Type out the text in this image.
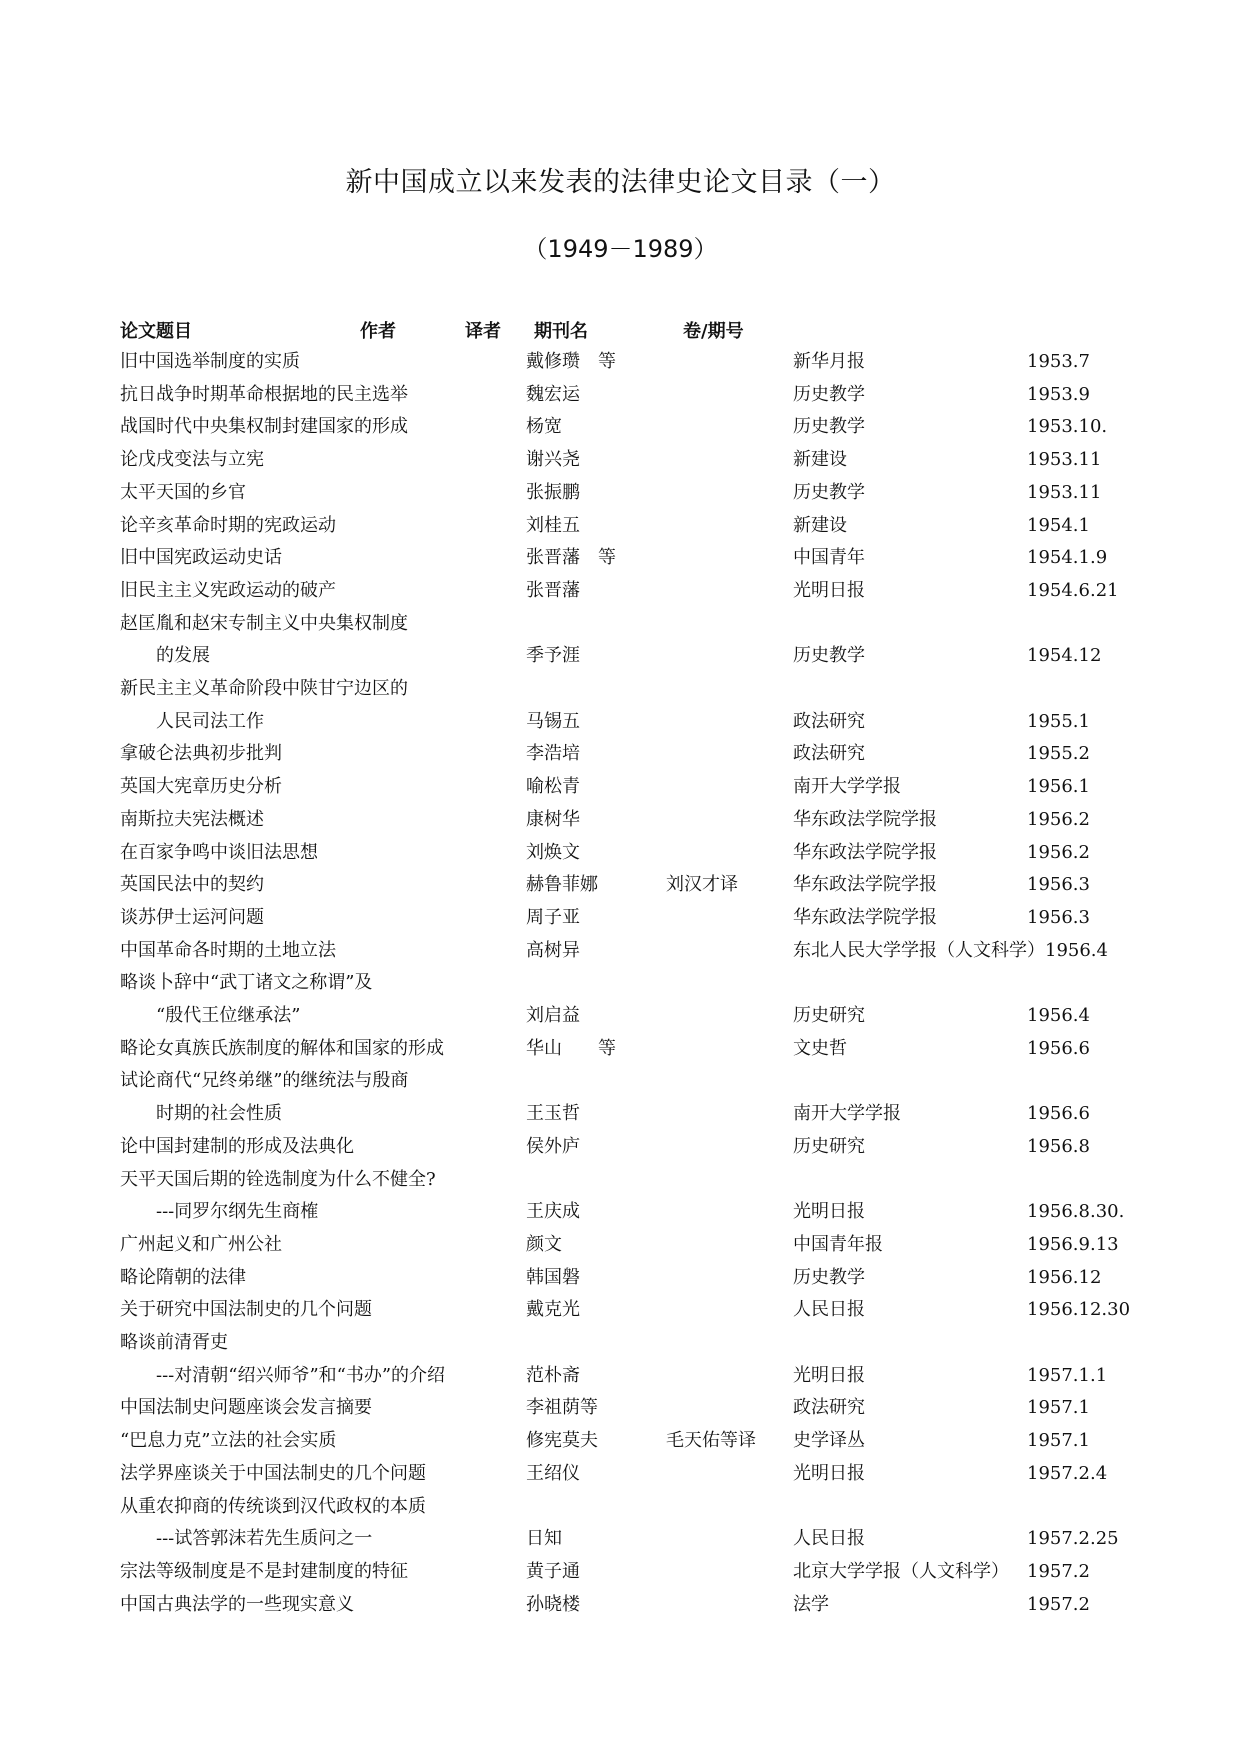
新中国成立以来发表的法律史论文目录（一）
（1949－1989）
论文题目	作者	译者 期刊名	卷/期号
旧中国选举制度的实质	戴修瓒　等	新华月报	1953.7
抗日战争时期革命根据地的民主选举	魏宏运	历史教学	1953.9
战国时代中央集权制封建国家的形成	杨宽	历史教学	1953.10.
论戊戌变法与立宪	谢兴尧	新建设	1953.11
太平天国的乡官	张振鹏	历史教学	1953.11
论辛亥革命时期的宪政运动	刘桂五	新建设	1954.1
旧中国宪政运动史话	张晋藩　等	中国青年	1954.1.9
旧民主主义宪政运动的破产	张晋藩	光明日报	1954.6.21
赵匡胤和赵宋专制主义中央集权制度
的发展	季予涯	历史教学	1954.12
新民主主义革命阶段中陕甘宁边区的
人民司法工作	马锡五	政法研究	1955.1
拿破仑法典初步批判	李浩培	政法研究	1955.2
英国大宪章历史分析	喻松青	南开大学学报	1956.1
南斯拉夫宪法概述	康树华	华东政法学院学报	1956.2
在百家争鸣中谈旧法思想	刘焕文	华东政法学院学报	1956.2
英国民法中的契约	赫鲁菲娜	刘汉才译	华东政法学院学报	1956.3
谈苏伊士运河问题	周子亚	华东政法学院学报	1956.3
中国革命各时期的土地立法	高树异	东北人民大学学报（人文科学）1956.4
略谈卜辞中“武丁诸文之称谓”及
“殷代王位继承法”	刘启益	历史研究	1956.4
略论女真族氏族制度的解体和国家的形成	华山　　等	文史哲	1956.6
试论商代“兄终弟继”的继统法与殷商
时期的社会性质	王玉哲	南开大学学报	1956.6
论中国封建制的形成及法典化	侯外庐	历史研究	1956.8
天平天国后期的铨选制度为什么不健全?
---同罗尔纲先生商榷	王庆成	光明日报	1956.8.30.
广州起义和广州公社	颜文	中国青年报	1956.9.13
略论隋朝的法律	韩国磐	历史教学	1956.12
关于研究中国法制史的几个问题	戴克光	人民日报	1956.12.30
略谈前清胥吏
---对清朝“绍兴师爷”和“书办”的介绍	范朴斋	光明日报	1957.1.1
中国法制史问题座谈会发言摘要	李祖荫等	政法研究	1957.1
“巴息力克”立法的社会实质	修宪莫夫	毛天佑等译 史学译丛	1957.1
法学界座谈关于中国法制史的几个问题	王绍仪	光明日报	1957.2.4
从重农抑商的传统谈到汉代政权的本质
---试答郭沫若先生质问之一	日知	人民日报	1957.2.25
宗法等级制度是不是封建制度的特征	黄子通	北京大学学报（人文科学） 1957.2
中国古典法学的一些现实意义	孙晓楼	法学	1957.2
